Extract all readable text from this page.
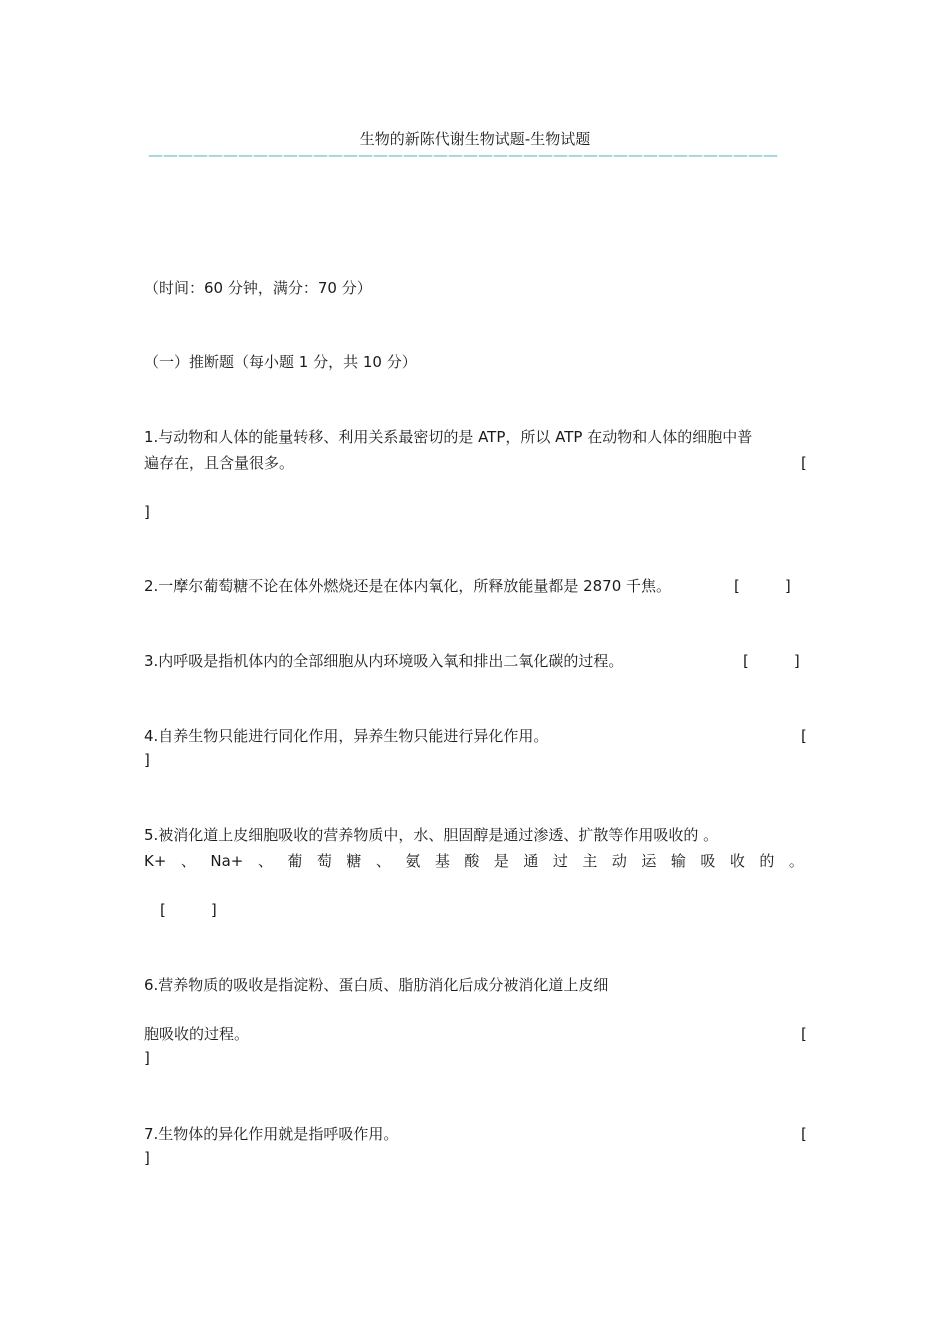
生物的新陈代谢生物试题-生物试题
——————————————————————————————————————————
（时间：60 分钟，满分：70 分）
（一）推断题（每小题 1 分，共 10 分）
1.与动物和人体的能量转移、利用关系最密切的是 ATP，所以 ATP 在动物和人体的细胞中普
遍存在，且含量很多。	[
]
2.一摩尔葡萄糖不论在体外燃烧还是在体内氧化，所释放能量都是 2870 千焦。	[　　　]
3.内呼吸是指机体内的全部细胞从内环境吸入氧和排出二氧化碳的过程。	[　　　]
4.自养生物只能进行同化作用，异养生物只能进行异化作用。	[
]
5.被消化道上皮细胞吸收的营养物质中，水、胆固醇是通过渗透、扩散等作用吸收的 。
K+ 、 Na+ 、 葡 萄 糖 、 氨 基 酸 是 通 过 主 动 运 输 吸 收 的 。
[　　　]
6.营养物质的吸收是指淀粉、蛋白质、脂肪消化后成分被消化道上皮细
胞吸收的过程。	[
]
7.生物体的异化作用就是指呼吸作用。	[
]
